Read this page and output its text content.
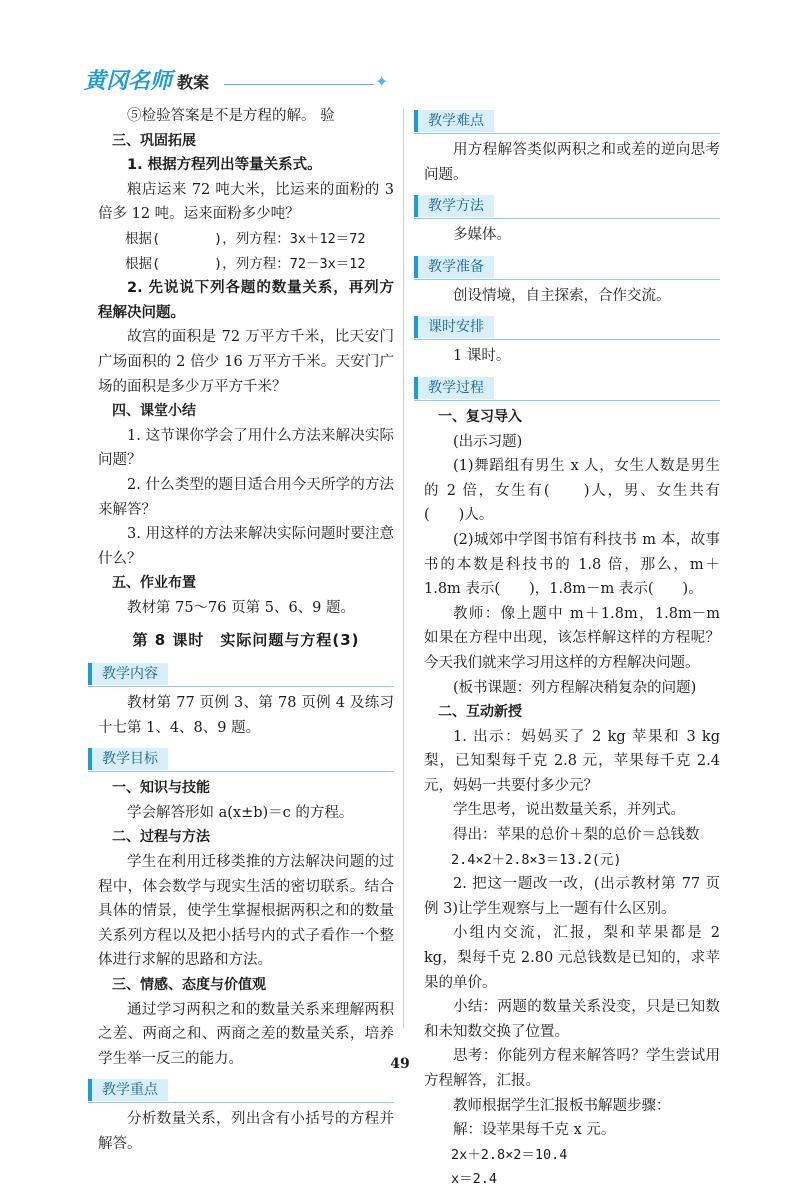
黄冈名师 教案	✦

⑤检验答案是不是方程的解。 验

三、巩固拓展

1. 根据方程列出等量关系式。

粮店运来 72 吨大米，比运来的面粉的 3 倍多 12 吨。运来面粉多少吨？

根据(　　　　)，列方程：3x＋12＝72

根据(　　　　)，列方程：72－3x＝12

2. 先说说下列各题的数量关系，再列方程解决问题。

故宫的面积是 72 万平方千米，比天安门广场面积的 2 倍少 16 万平方千米。天安门广场的面积是多少万平方千米？

四、课堂小结

1. 这节课你学会了用什么方法来解决实际问题？

2. 什么类型的题目适合用今天所学的方法来解答？

3. 用这样的方法来解决实际问题时要注意什么？

五、作业布置

教材第 75～76 页第 5、6、9 题。

第 8 课时　实际问题与方程(3)

教学内容

教材第 77 页例 3、第 78 页例 4 及练习十七第 1、4、8、9 题。

教学目标

一、知识与技能

学会解答形如 a(x±b)＝c 的方程。

二、过程与方法

学生在利用迁移类推的方法解决问题的过程中，体会数学与现实生活的密切联系。结合具体的情景，使学生掌握根据两积之和的数量关系列方程以及把小括号内的式子看作一个整体进行求解的思路和方法。

三、情感、态度与价值观

通过学习两积之和的数量关系来理解两积之差、两商之和、两商之差的数量关系，培养学生举一反三的能力。

教学重点

分析数量关系，列出含有小括号的方程并解答。

教学难点

用方程解答类似两积之和或差的逆向思考问题。

教学方法

多媒体。

教学准备

创设情境，自主探索，合作交流。

课时安排

1 课时。

教学过程

一、复习导入

(出示习题)

(1)舞蹈组有男生 x 人，女生人数是男生的 2 倍，女生有(　　)人，男、女生共有(　　)人。

(2)城郊中学图书馆有科技书 m 本，故事书的本数是科技书的 1.8 倍，那么，m＋1.8m 表示(　　)，1.8m－m 表示(　　)。

教师：像上题中 m＋1.8m，1.8m－m 如果在方程中出现，该怎样解这样的方程呢？今天我们就来学习用这样的方程解决问题。

(板书课题：列方程解决稍复杂的问题)

二、互动新授

1. 出示：妈妈买了 2 kg 苹果和 3 kg 梨，已知梨每千克 2.8 元，苹果每千克 2.4 元，妈妈一共要付多少元？

学生思考，说出数量关系，并列式。

得出：苹果的总价＋梨的总价＝总钱数

2.4×2＋2.8×3＝13.2(元)

2. 把这一题改一改，(出示教材第 77 页例 3)让学生观察与上一题有什么区别。

小组内交流，汇报，梨和苹果都是 2 kg，梨每千克 2.80 元总钱数是已知的，求苹果的单价。

小结：两题的数量关系没变，只是已知数和未知数交换了位置。

思考：你能列方程来解答吗？学生尝试用方程解答，汇报。

教师根据学生汇报板书解题步骤：

解：设苹果每千克 x 元。

2x＋2.8×2＝10.4

x＝2.4

49
